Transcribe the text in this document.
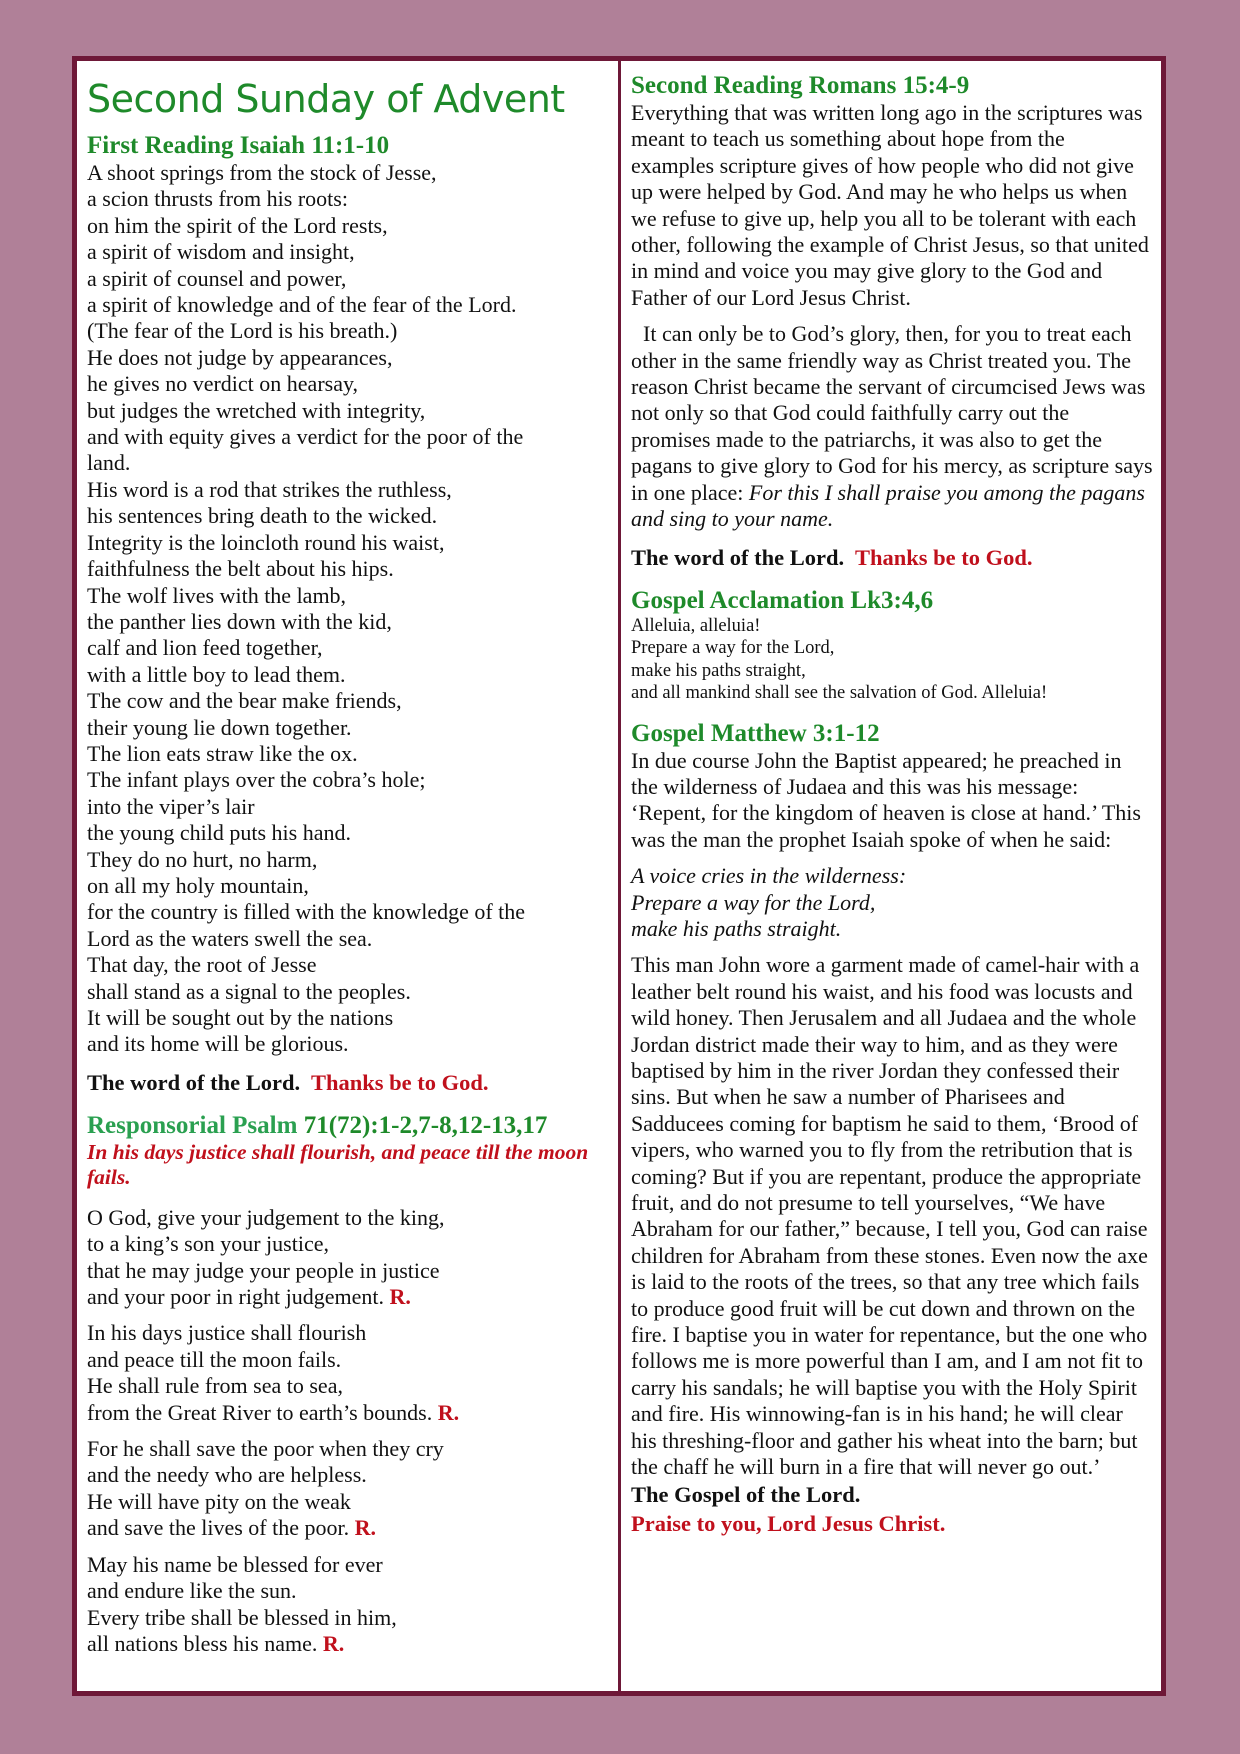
Second Sunday of Advent
First Reading Isaiah 11:1-10
A shoot springs from the stock of Jesse,
a scion thrusts from his roots:
on him the spirit of the Lord rests,
a spirit of wisdom and insight,
a spirit of counsel and power,
a spirit of knowledge and of the fear of the Lord.
(The fear of the Lord is his breath.)
He does not judge by appearances,
he gives no verdict on hearsay,
but judges the wretched with integrity,
and with equity gives a verdict for the poor of the
land.
His word is a rod that strikes the ruthless,
his sentences bring death to the wicked.
Integrity is the loincloth round his waist,
faithfulness the belt about his hips.
The wolf lives with the lamb,
the panther lies down with the kid,
calf and lion feed together,
with a little boy to lead them.
The cow and the bear make friends,
their young lie down together.
The lion eats straw like the ox.
The infant plays over the cobra’s hole;
into the viper’s lair
the young child puts his hand.
They do no hurt, no harm,
on all my holy mountain,
for the country is filled with the knowledge of the
Lord as the waters swell the sea.
That day, the root of Jesse
shall stand as a signal to the peoples.
It will be sought out by the nations
and its home will be glorious.

The word of the Lord. Thanks be to God.

Responsorial Psalm 71(72):1-2,7-8,12-13,17

In his days justice shall flourish, and peace till the moon fails.

O God, give your judgement to the king,
to a king’s son your justice,
that he may judge your people in justice
and your poor in right judgement. R.
In his days justice shall flourish
and peace till the moon fails.
He shall rule from sea to sea,
from the Great River to earth’s bounds. R.
For he shall save the poor when they cry
and the needy who are helpless.
He will have pity on the weak
and save the lives of the poor. R.
May his name be blessed for ever
and endure like the sun.
Every tribe shall be blessed in him,
all nations bless his name. R.
Second Reading Romans 15:4-9

Everything that was written long ago in the scriptures was meant to teach us something about hope from the examples scripture gives of how people who did not give up were helped by God. And may he who helps us when we refuse to give up, help you all to be tolerant with each other, following the example of Christ Jesus, so that united in mind and voice you may give glory to the God and Father of our Lord Jesus Christ.

It can only be to God’s glory, then, for you to treat each other in the same friendly way as Christ treated you. The reason Christ became the servant of circumcised Jews was not only so that God could faithfully carry out the promises made to the patriarchs, it was also to get the pagans to give glory to God for his mercy, as scripture says in one place: For this I shall praise you among the pagans and sing to your name.

The word of the Lord. Thanks be to God.

Gospel Acclamation Lk3:4,6
Alleluia, alleluia!
Prepare a way for the Lord,
make his paths straight,
and all mankind shall see the salvation of God. Alleluia!
Gospel Matthew 3:1-12

In due course John the Baptist appeared; he preached in the wilderness of Judaea and this was his message: ‘Repent, for the kingdom of heaven is close at hand.’ This was the man the prophet Isaiah spoke of when he said:

A voice cries in the wilderness:
Prepare a way for the Lord,
make his paths straight.

This man John wore a garment made of camel-hair with a leather belt round his waist, and his food was locusts and wild honey. Then Jerusalem and all Judaea and the whole Jordan district made their way to him, and as they were baptised by him in the river Jordan they confessed their sins. But when he saw a number of Pharisees and Sadducees coming for baptism he said to them, ‘Brood of vipers, who warned you to fly from the retribution that is coming? But if you are repentant, produce the appropriate fruit, and do not presume to tell yourselves, “We have Abraham for our father,” because, I tell you, God can raise children for Abraham from these stones. Even now the axe is laid to the roots of the trees, so that any tree which fails to produce good fruit will be cut down and thrown on the fire. I baptise you in water for repentance, but the one who follows me is more powerful than I am, and I am not fit to carry his sandals; he will baptise you with the Holy Spirit and fire. His winnowing-fan is in his hand; he will clear his threshing-floor and gather his wheat into the barn; but the chaff he will burn in a fire that will never go out.’

The Gospel of the Lord.

Praise to you, Lord Jesus Christ.
